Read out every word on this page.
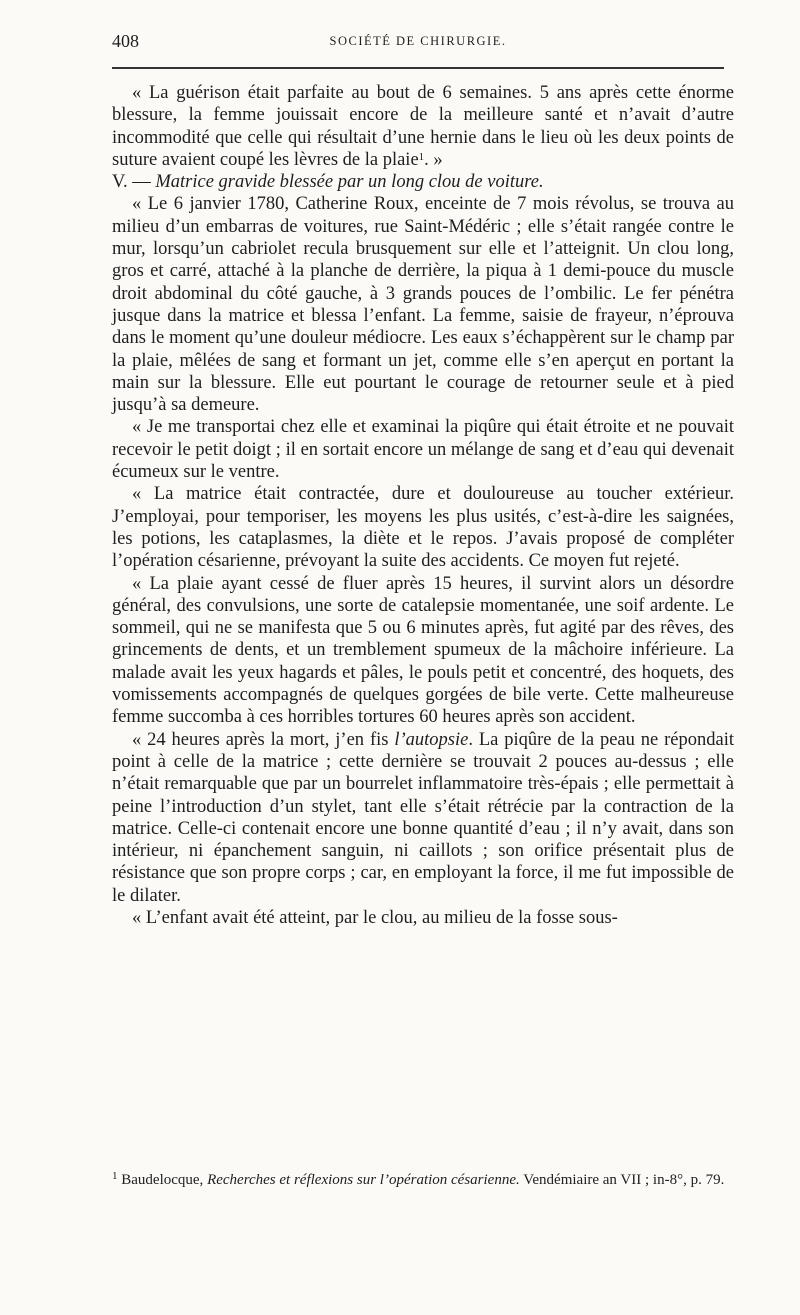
408	SOCIÉTÉ DE CHIRURGIE.

« La guérison était parfaite au bout de 6 semaines. 5 ans après cette énorme blessure, la femme jouissait encore de la meilleure santé et n’avait d’autre incommodité que celle qui résultait d’une hernie dans le lieu où les deux points de suture avaient coupé les lèvres de la plaie$^1$. »

V. — Matrice gravide blessée par un long clou de voiture.

« Le 6 janvier 1780, Catherine Roux, enceinte de 7 mois révolus, se trouva au milieu d’un embarras de voitures, rue Saint-Médéric ; elle s’était rangée contre le mur, lorsqu’un cabriolet recula brusquement sur elle et l’atteignit. Un clou long, gros et carré, attaché à la planche de derrière, la piqua à 1 demi-pouce du muscle droit abdominal du côté gauche, à 3 grands pouces de l’ombilic. Le fer pénétra jusque dans la matrice et blessa l’enfant. La femme, saisie de frayeur, n’éprouva dans le moment qu’une douleur médiocre. Les eaux s’échappèrent sur le champ par la plaie, mêlées de sang et formant un jet, comme elle s’en aperçut en portant la main sur la blessure. Elle eut pourtant le courage de retourner seule et à pied jusqu’à sa demeure.

« Je me transportai chez elle et examinai la piqûre qui était étroite et ne pouvait recevoir le petit doigt ; il en sortait encore un mélange de sang et d’eau qui devenait écumeux sur le ventre.

« La matrice était contractée, dure et douloureuse au toucher extérieur. J’employai, pour temporiser, les moyens les plus usités, c’est-à-dire les saignées, les potions, les cataplasmes, la diète et le repos. J’avais proposé de compléter l’opération césarienne, prévoyant la suite des accidents. Ce moyen fut rejeté.

« La plaie ayant cessé de fluer après 15 heures, il survint alors un désordre général, des convulsions, une sorte de catalepsie momentanée, une soif ardente. Le sommeil, qui ne se manifesta que 5 ou 6 minutes après, fut agité par des rêves, des grincements de dents, et un tremblement spumeux de la mâchoire inférieure. La malade avait les yeux hagards et pâles, le pouls petit et concentré, des hoquets, des vomissements accompagnés de quelques gorgées de bile verte. Cette malheureuse femme succomba à ces horribles tortures 60 heures après son accident.

« 24 heures après la mort, j’en fis l’autopsie. La piqûre de la peau ne répondait point à celle de la matrice ; cette dernière se trouvait 2 pouces au-dessus ; elle n’était remarquable que par un bourrelet inflammatoire très-épais ; elle permettait à peine l’introduction d’un stylet, tant elle s’était rétrécie par la contraction de la matrice. Celle-ci contenait encore une bonne quantité d’eau ; il n’y avait, dans son intérieur, ni épanchement sanguin, ni caillots ; son orifice présentait plus de résistance que son propre corps ; car, en employant la force, il me fut impossible de le dilater.

« L’enfant avait été atteint, par le clou, au milieu de la fosse sous-

$^1$ Baudelocque, Recherches et réflexions sur l’opération césarienne. Vendémiaire an VII ; in-8°, p. 79.
